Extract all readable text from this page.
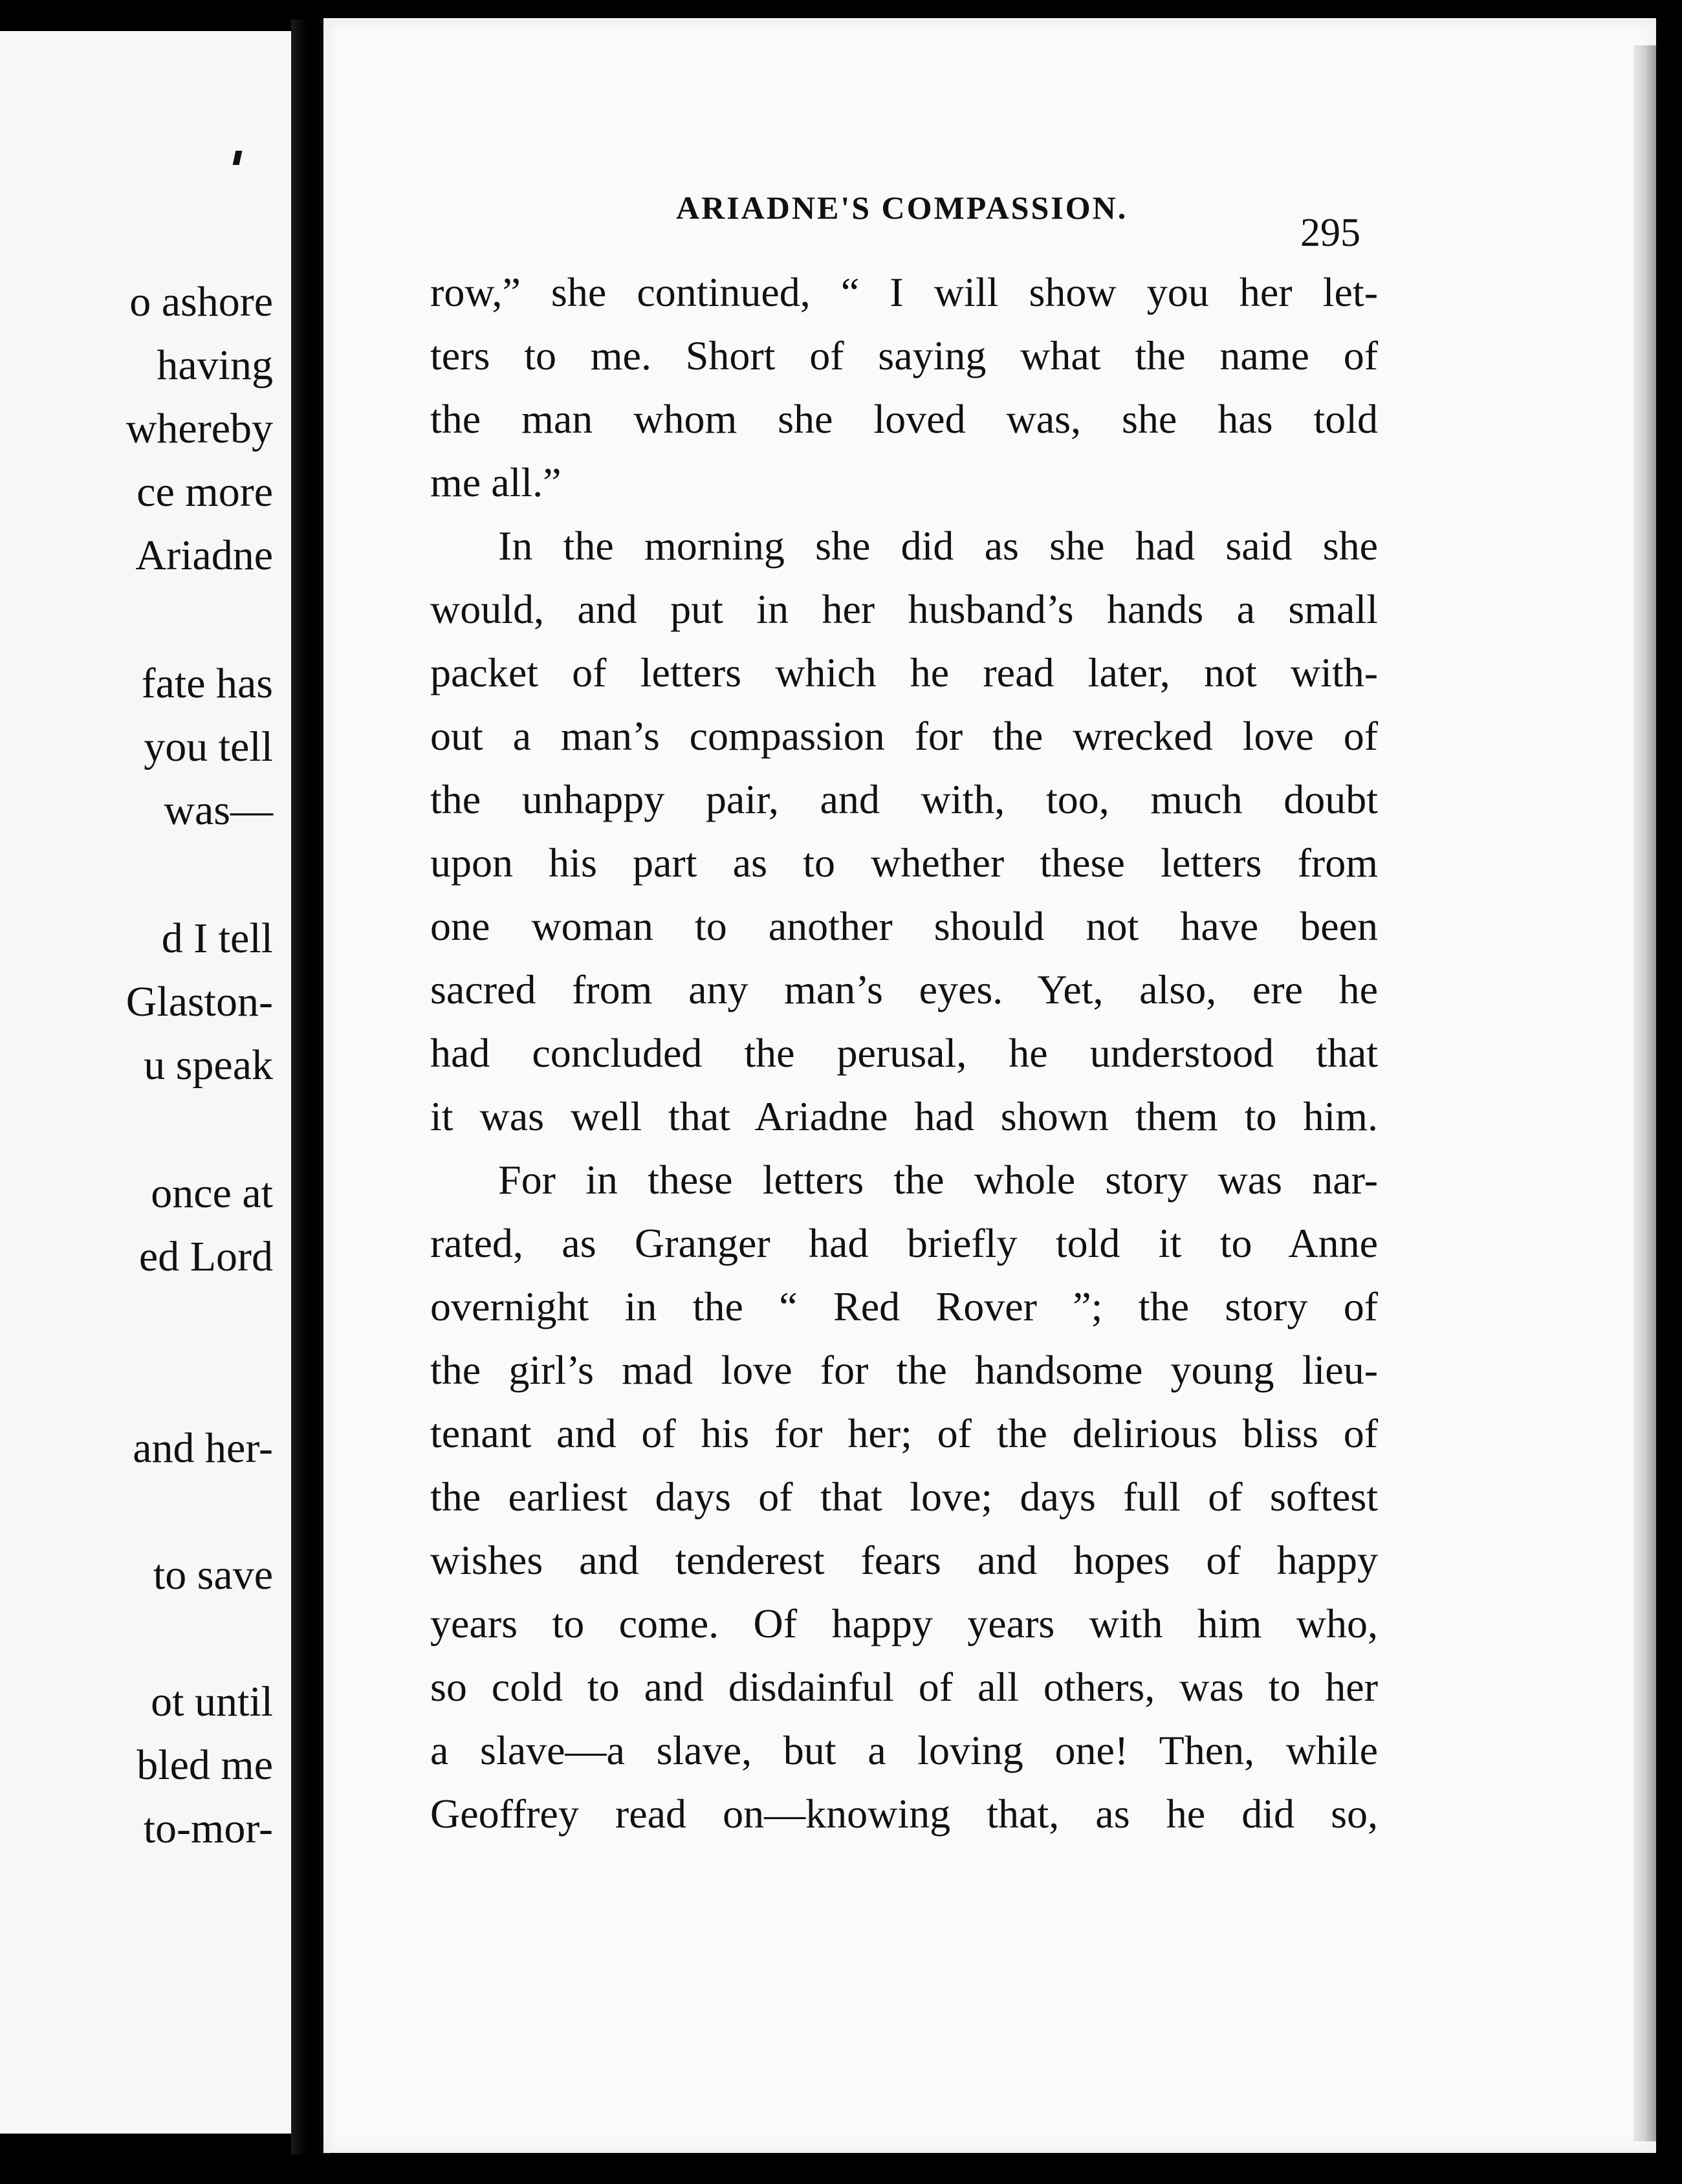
o ashore
having
whereby
ce more
Ariadne
fate has
you tell
was—
d I tell
Glaston-
u speak
once at
ed Lord
and her-
to save
ot until
bled me
to-mor-
ARIADNE'S COMPASSION.
295
row,” she continued, “ I will show you her let-
ters to me. Short of saying what the name of
the man whom she loved was, she has told
me all.”
In the morning she did as she had said she
would, and put in her husband’s hands a small
packet of letters which he read later, not with-
out a man’s compassion for the wrecked love of
the unhappy pair, and with, too, much doubt
upon his part as to whether these letters from
one woman to another should not have been
sacred from any man’s eyes. Yet, also, ere he
had concluded the perusal, he understood that
it was well that Ariadne had shown them to him.
For in these letters the whole story was nar-
rated, as Granger had briefly told it to Anne
overnight in the “ Red Rover ”; the story of
the girl’s mad love for the handsome young lieu-
tenant and of his for her; of the delirious bliss of
the earliest days of that love; days full of softest
wishes and tenderest fears and hopes of happy
years to come. Of happy years with him who,
so cold to and disdainful of all others, was to her
a slave—a slave, but a loving one! Then, while
Geoffrey read on—knowing that, as he did so,
